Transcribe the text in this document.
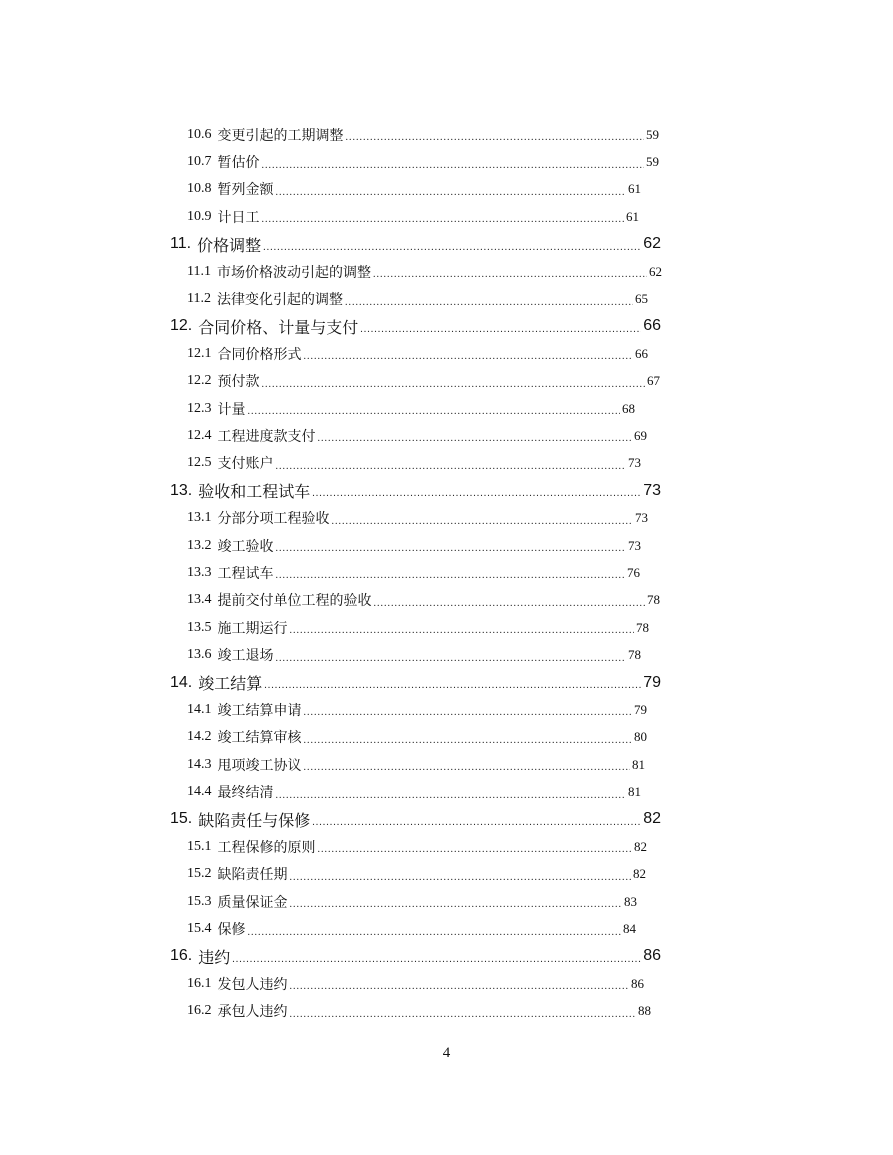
10.6 变更引起的工期调整 .....	59
10.7 暂估价 .....	59
10.8 暂列金额 .....	61
10.9 计日工 .....	61
11. 价格调整 .....	62
11.1 市场价格波动引起的调整 .....	62
11.2 法律变化引起的调整 .....	65
12. 合同价格、计量与支付 .....	66
12.1 合同价格形式 .....	66
12.2 预付款 .....	67
12.3 计量 .....	68
12.4 工程进度款支付 .....	69
12.5 支付账户 .....	73
13. 验收和工程试车 .....	73
13.1 分部分项工程验收 .....	73
13.2 竣工验收 .....	73
13.3 工程试车 .....	76
13.4 提前交付单位工程的验收 .....	78
13.5 施工期运行 .....	78
13.6 竣工退场 .....	78
14. 竣工结算 .....	79
14.1 竣工结算申请 .....	79
14.2 竣工结算审核 .....	80
14.3 甩项竣工协议 .....	81
14.4 最终结清 .....	81
15. 缺陷责任与保修 .....	82
15.1 工程保修的原则 .....	82
15.2 缺陷责任期 .....	82
15.3 质量保证金 .....	83
15.4 保修 .....	84
16. 违约 .....	86
16.1 发包人违约 .....	86
16.2 承包人违约 .....	88
4
